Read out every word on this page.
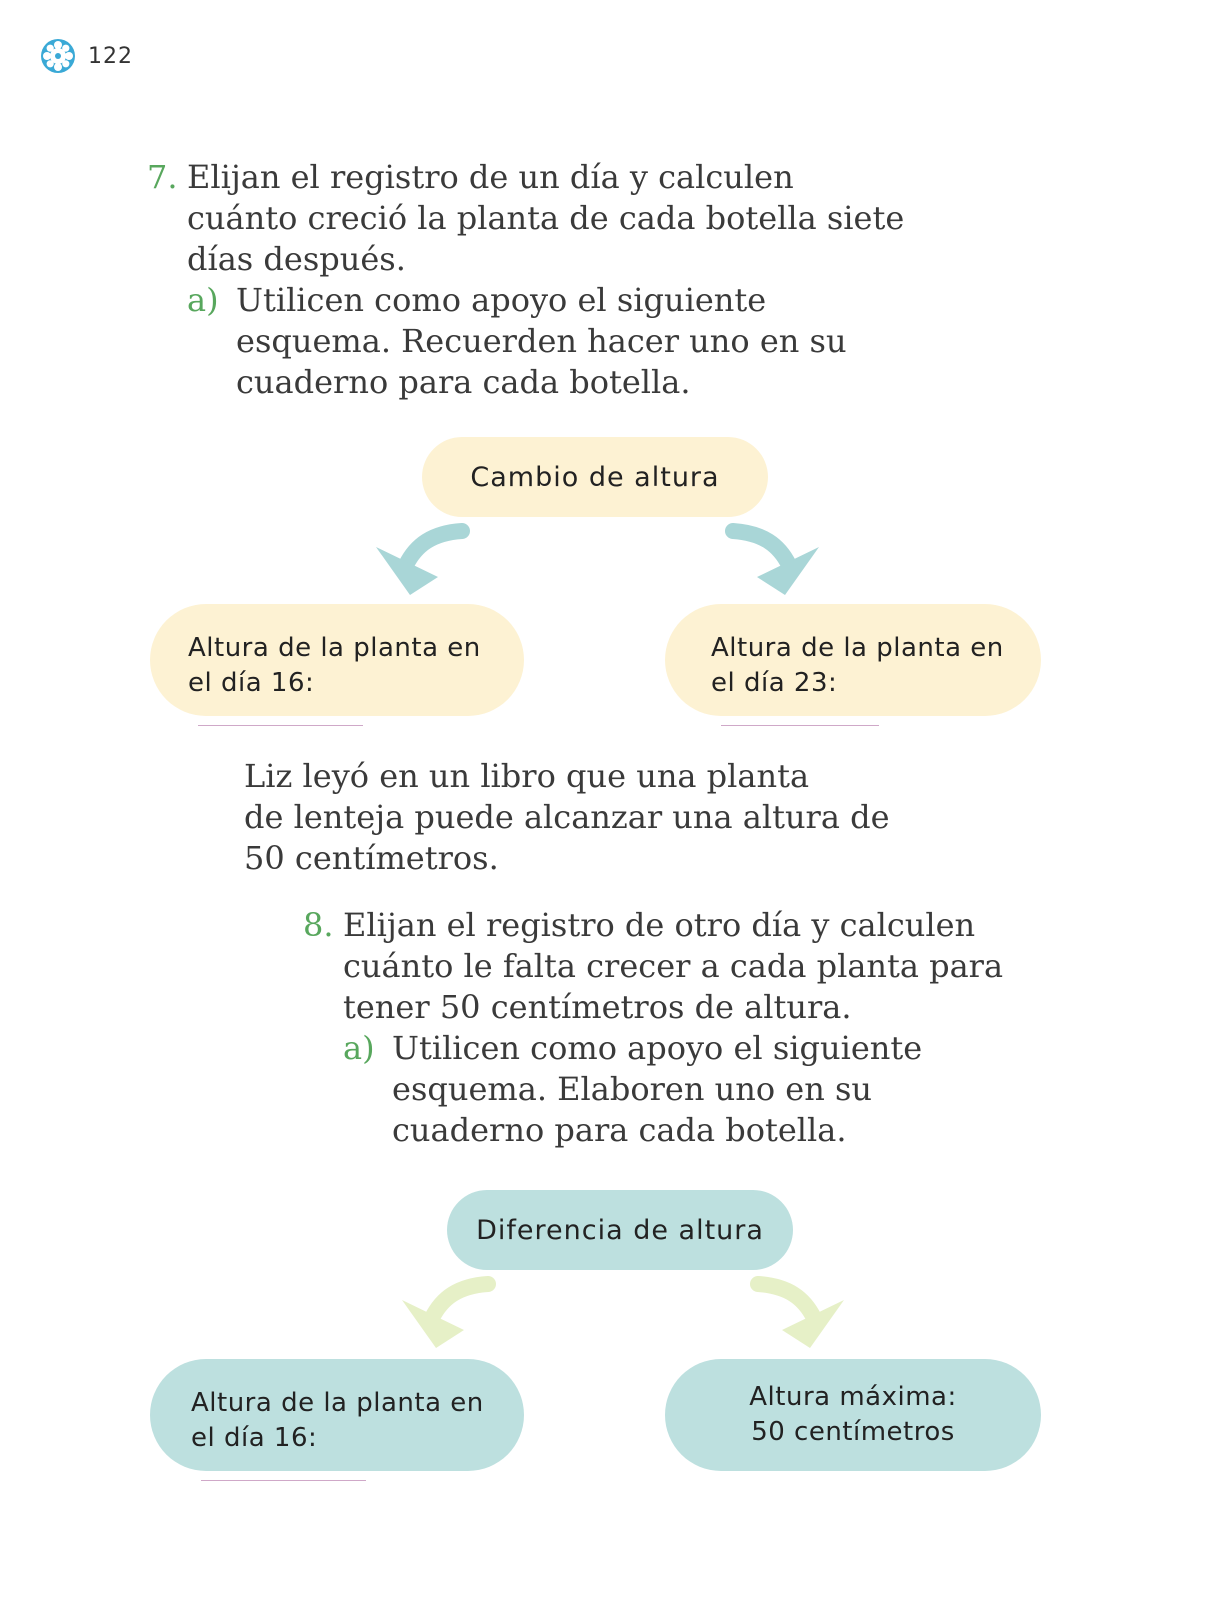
122
7. Elijan el registro de un día y calculen
cuánto creció la planta de cada botella siete
días después.
a) Utilicen como apoyo el siguiente
esquema. Recuerden hacer uno en su
cuaderno para cada botella.
Cambio de altura
Altura de la planta en
el día 16:
Altura de la planta en
el día 23:
Liz leyó en un libro que una planta
de lenteja puede alcanzar una altura de
50 centímetros.
8. Elijan el registro de otro día y calculen
cuánto le falta crecer a cada planta para
tener 50 centímetros de altura.
a) Utilicen como apoyo el siguiente
esquema. Elaboren uno en su
cuaderno para cada botella.
Diferencia de altura
Altura de la planta en
el día 16:
Altura máxima:
50 centímetros
